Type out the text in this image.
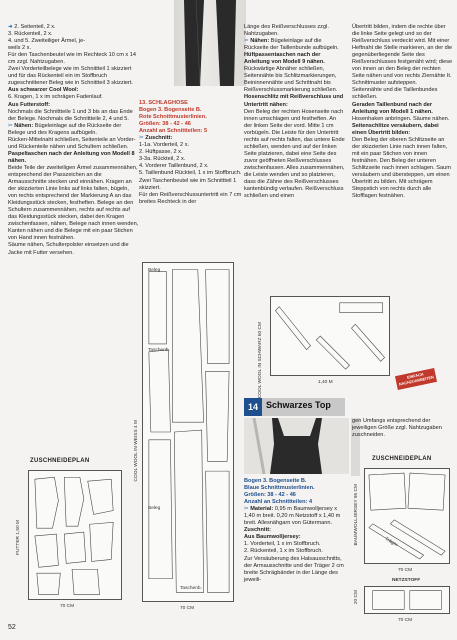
➜ 2. Seitenteil, 2 x.

3. Rückenteil, 2 x.

4. und 5. Zweiteiliger Ärmel, je-

weils 2 x.

Für den Taschenbeutel wie im Rechteck 10 cm x 14 cm zzgl. Nahtzugaben.

Zwei Vorderteilbelege wie im Schnittteil 1 skizziert und für das Rückenteil ein im Stoffbruch zugeschnittener Beleg wie in Schnittteil 3 skizziert.

Aus schwarzer Cool Wool:

6. Kragen, 1 x im schrägen Fadenlauf.

Aus Futterstoff:

Nochmals die Schnittteile 1 und 3 bis an das Ende der Belege. Nochmals die Schnittteile 2, 4 und 5.

✂ Nähen: Bügeleinlage auf die Rückseite der Belege und des Kragens aufbügeln.

Rücken-Mittelnaht schließen, Seitenteile an Vorder- und Rückenteile nähen und Schultern schließen.

Paspeltaschen nach der Anleitung von Modell 8 nähen.

Beide Teile der zweiteiligen Ärmel zusammennähen, entsprechend der Passzeichen an die Armausschnitte stecken und einnähen. Kragen an der skizzierten Linie links auf links falten, bügeln, von rechts entsprechend der Markierung A an das Kleidungsstück stecken, festheften. Belege an den Schultern zusammennähen, rechts auf rechts auf das Kleidungsstück stecken, dabei den Kragen zwischenfassen, nähen, Belege nach innen wenden, Kanten nähen und die Belege mit ein paar Stichen von Hand innen festnähen.

Säume nähen, Schulterpolster einsetzen und die Jacke mit Futter versehen.

ZUSCHNEIDEPLAN
FUTTER 1,50 M
70 CM

13. SCHLAGHOSE

Bogen 3. Bogenseite B.

Rote Schnittmusterlinien.

Größen: 38 - 42 - 46

Anzahl an Schnittteilen: 5

✂ Zuschnitt:

1-1a. Vorderteil, 2 x.

2. Hüftpasse, 2 x.

3-3a. Rückteil, 2 x.

4. Vorderer Taillenbund, 2 x.

5. Taillenbund Rückteil, 1 x im Stoffbruch.

Zwei Taschenbeutel wie im Schnittteil 1 skizziert.

Für den Reißverschlussuntertritt ein 7 cm breites Rechteck in der

Beleg
Taschenb.
Beleg
Taschenb.
COOL WOOL IN WEISS 4 M
70 CM

Länge des Reißverschlusses zzgl. Nahtzugaben.

✂ Nähen: Bügeleinlage auf die Rückseite der Taillenbunde aufbügeln.

Hüftpassentaschen nach der Anleitung von Modell 9 nähen.

Rückwärtige Abnäher schließen, Seitennähte bis Schlitzmarkierungen, Beininnennähte und Schrittnaht bis Reißverschlussmarkierung schließen.

Hosenschlitz mit Reißverschluss und Untertritt nähen:

Den Beleg der rechten Hosenseite nach innen umschlagen und festheften. An der linken Seite der vord. Mitte 1 cm vorbügeln. Die Leiste für den Untertritt rechts auf rechts falten, das untere Ende schließen, wenden und auf der linken Seite platzieren, dabei eine Seite des zuvor geöffneten Reißverschlusses zwischenfassen. Alles zusammennähen, die Leiste wenden und so platzieren, dass die Zähne des Reißverschlusses kantenbündig verlaufen. Reißverschluss schließen und einen

COOL WOOL IN SCHWARZ 60 CM	1,40 M
14 Schwarzes Top

Bogen 3. Bogenseite B.

Blaue Schnittmusterlinien.

Größen: 38 - 42 - 46

Anzahl an Schnittteilen: 4

✂ Material: 0,95 m Baumwolljersey x 1,40 m breit. 0,20 m Netzstoff x 1,40 m breit. Allesnähgarn von Gütermann.

Zuschnitt:

Aus Baumwolljersey:

1. Vorderteil, 1 x im Stoffbruch.

2. Rückenteil, 1 x im Stoffbruch.

Zur Versäuberung des Halsausschnitts, der Armausschnitte und der Träger 2 cm breite Schrägbänder in der Länge des jeweili-

Übertritt bilden, indem die rechte über die linke Seite gelegt und so der Reißverschluss verdeckt wird. Mit einer Heftnaht die Stelle markieren, an der die gegenüberliegende Seite des Reißverschlusses festgenäht wird; diese von innen an den Beleg der rechten Seite nähen und von rechts Ziernähte It. Schnittmuster aufsteppen.

Seitennähte und die Taillenbundes schließen.

Geraden Taillenbund nach der Anleitung von Modell 1 nähen.

Hosenhaken anbringen. Säume nähen.

Seitenschlitze versäubern, dabei einen Übertritt bilden:

Den Beleg der oberen Schlitzseite an der skizzierten Linie nach innen falten, mit ein paar Stichen von innen festnähen. Den Beleg der unteren Schlitzseite nach innen schlagen. Saum versäubern und übersteppen, um einen Übertritt zu bilden. Mit schrägem Steppstich von rechts durch alle Stofflagen festnähen.

EINFACH NACHZUARBEITEN

gen Umfangs entsprechend der jeweiligen Größe zzgl. Nahtzugaben zuschneiden.

ZUSCHNEIDEPLAN
Träger
BAUMWOLLJERSEY 95 CM
70 CM
NETZSTOFF
20 CM
70 CM
52
